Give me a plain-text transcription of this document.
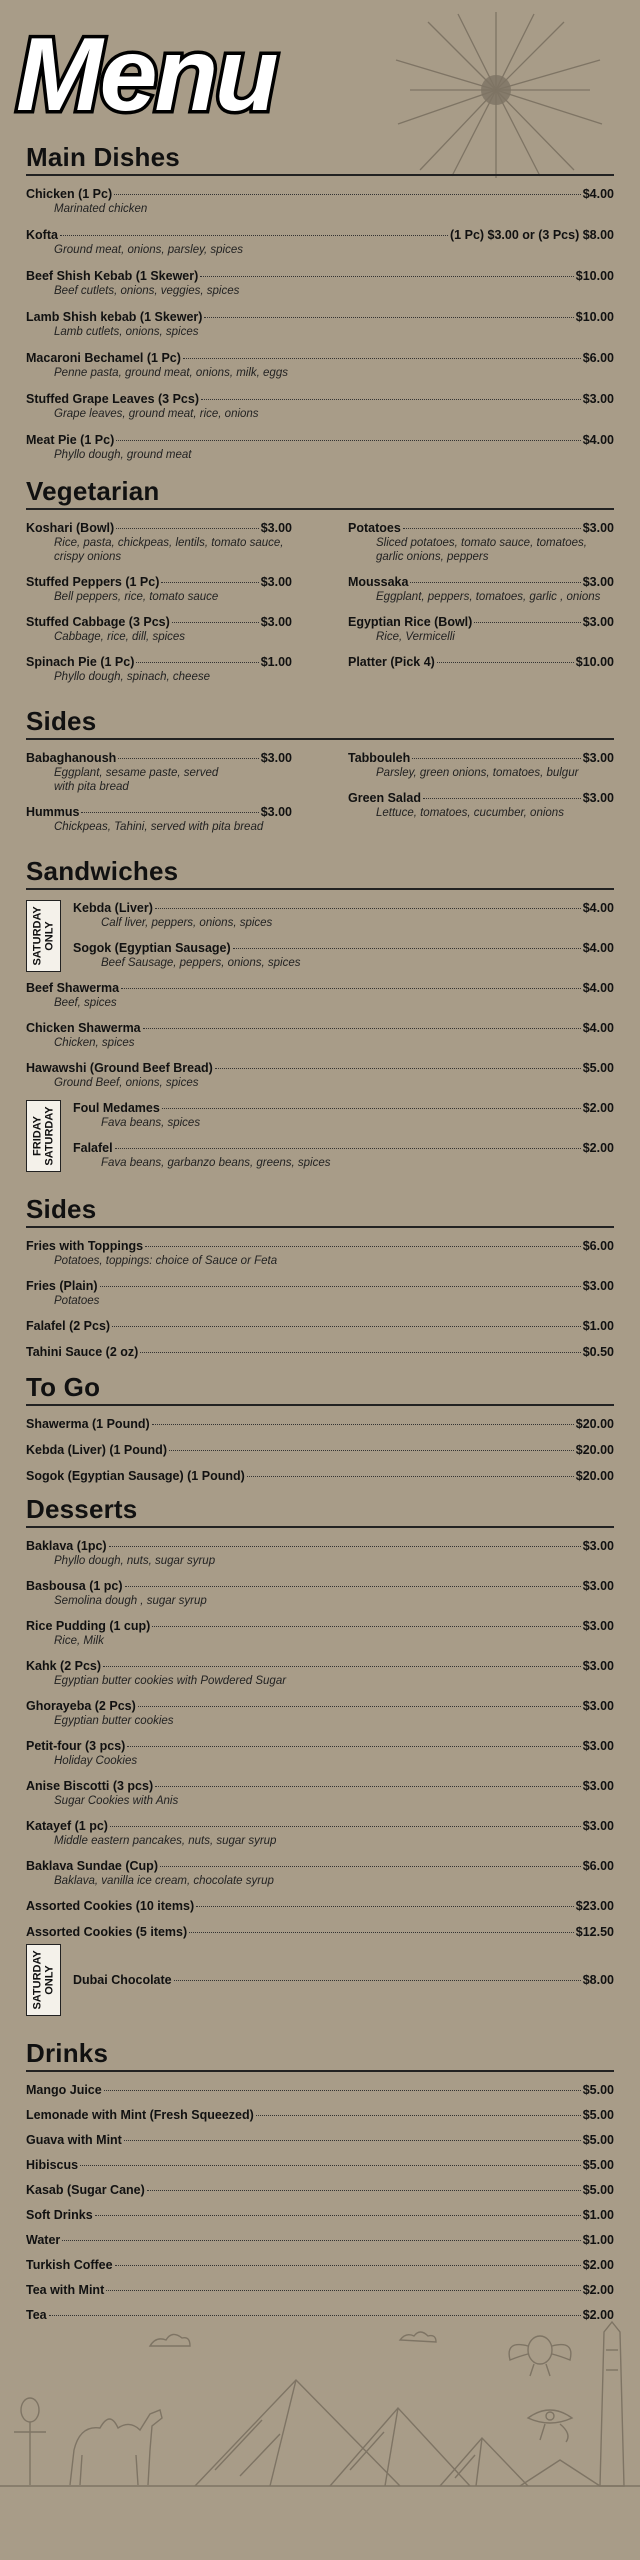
Menu
Main Dishes
Chicken (1 Pc)	$4.00
Marinated chicken
Kofta	(1 Pc) $3.00 or (3 Pcs) $8.00
Ground meat, onions, parsley, spices
Beef Shish Kebab (1 Skewer)	$10.00
Beef cutlets, onions, veggies, spices
Lamb Shish kebab (1 Skewer)	$10.00
Lamb cutlets, onions, spices
Macaroni Bechamel (1 Pc)	$6.00
Penne pasta, ground meat, onions, milk, eggs
Stuffed Grape Leaves (3 Pcs)	$3.00
Grape leaves, ground meat, rice, onions
Meat Pie (1 Pc)	$4.00
Phyllo dough, ground meat
Vegetarian
Koshari (Bowl)	$3.00
Rice, pasta, chickpeas, lentils, tomato sauce,
crispy onions
Stuffed Peppers (1 Pc)	$3.00
Bell peppers, rice, tomato sauce
Stuffed Cabbage (3 Pcs)	$3.00
Cabbage, rice, dill, spices
Spinach Pie (1 Pc)	$1.00
Phyllo dough, spinach, cheese
Potatoes	$3.00
Sliced potatoes, tomato sauce, tomatoes,
garlic onions, peppers
Moussaka	$3.00
Eggplant, peppers, tomatoes, garlic , onions
Egyptian Rice (Bowl)	$3.00
Rice, Vermicelli
Platter (Pick 4)	$10.00
Sides
Babaghanoush	$3.00
Eggplant, sesame paste, served
with pita bread
Hummus	$3.00
Chickpeas, Tahini, served with pita bread
Tabbouleh	$3.00
Parsley, green onions, tomatoes, bulgur
Green Salad	$3.00
Lettuce, tomatoes, cucumber, onions
Sandwiches
SATURDAY ONLY
Kebda (Liver)	$4.00
Calf liver, peppers, onions, spices
Sogok (Egyptian Sausage)	$4.00
Beef Sausage, peppers, onions, spices
Beef Shawerma	$4.00
Beef, spices
Chicken Shawerma	$4.00
Chicken, spices
Hawawshi (Ground Beef Bread)	$5.00
Ground Beef, onions, spices
FRIDAY SATURDAY Foul Medames	$2.00
Fava beans, spices
Falafel	$2.00
Fava beans, garbanzo beans, greens, spices
Sides
Fries with Toppings	$6.00
Potatoes, toppings: choice of Sauce or Feta
Fries (Plain)	$3.00
Potatoes
Falafel (2 Pcs)	$1.00
Tahini Sauce (2 oz)	$0.50
To Go
Shawerma (1 Pound)	$20.00
Kebda (Liver) (1 Pound)	$20.00
Sogok (Egyptian Sausage) (1 Pound)	$20.00
Desserts
Baklava (1pc)	$3.00
Phyllo dough, nuts, sugar syrup
Basbousa (1 pc)	$3.00
Semolina dough , sugar syrup
Rice Pudding (1 cup)	$3.00
Rice, Milk
Kahk (2 Pcs)	$3.00
Egyptian butter cookies with Powdered Sugar
Ghorayeba (2 Pcs)	$3.00
Egyptian butter cookies
Petit-four (3 pcs)	$3.00
Holiday Cookies
Anise Biscotti (3 pcs)	$3.00
Sugar Cookies with Anis
Katayef (1 pc)	$3.00
Middle eastern pancakes, nuts, sugar syrup
Baklava Sundae (Cup)	$6.00
Baklava, vanilla ice cream, chocolate syrup
Assorted Cookies (10 items)	$23.00
Assorted Cookies (5 items)	$12.50
SATURDAY ONLY Dubai Chocolate	$8.00
Drinks
Mango Juice	$5.00
Lemonade with Mint (Fresh Squeezed)	$5.00
Guava with Mint	$5.00
Hibiscus	$5.00
Kasab (Sugar Cane)	$5.00
Soft Drinks	$1.00
Water	$1.00
Turkish Coffee	$2.00
Tea with Mint	$2.00
Tea	$2.00
